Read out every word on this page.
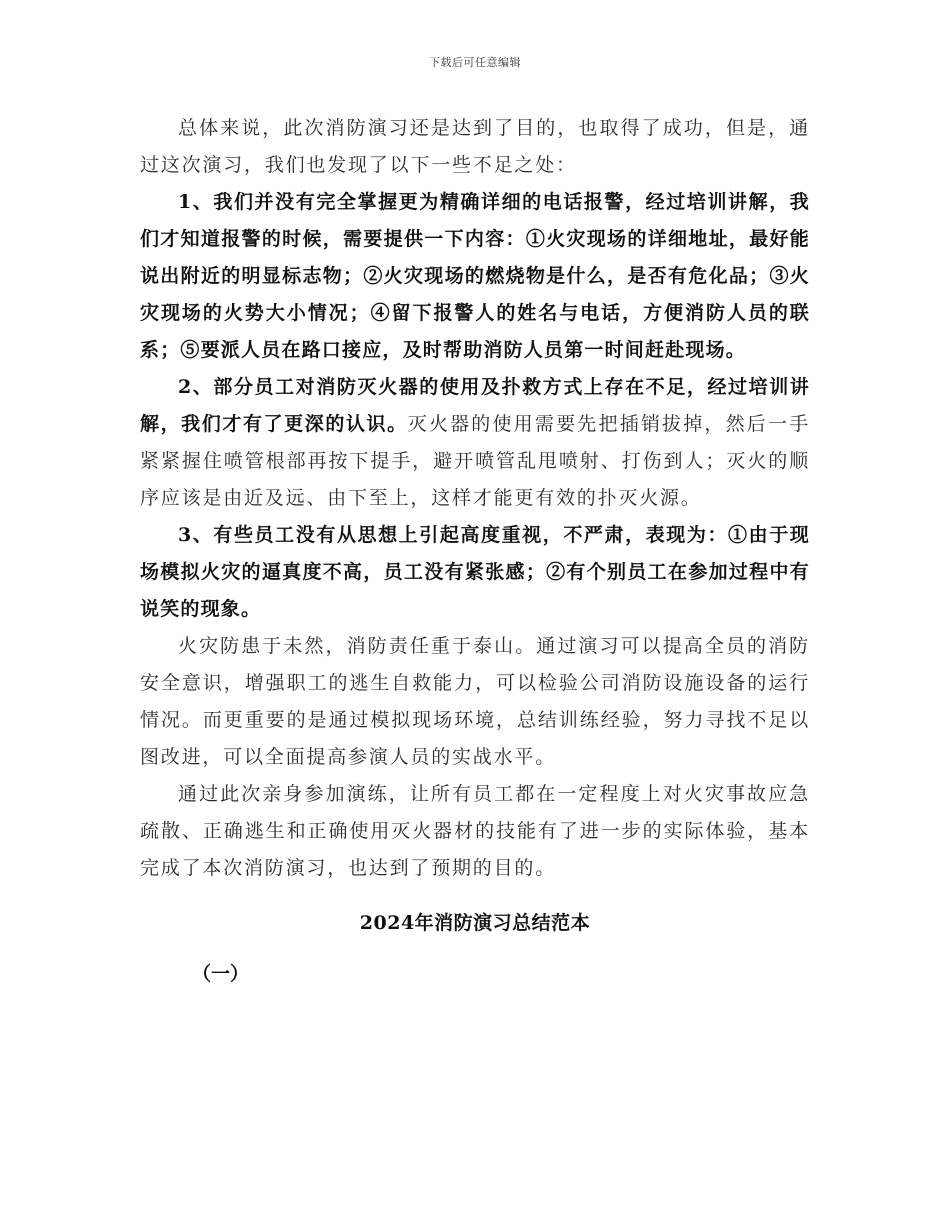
下载后可任意编辑

总体来说，此次消防演习还是达到了目的，也取得了成功，但是，通过这次演习，我们也发现了以下一些不足之处：

1、我们并没有完全掌握更为精确详细的电话报警，经过培训讲解，我们才知道报警的时候，需要提供一下内容：①火灾现场的详细地址，最好能说出附近的明显标志物；②火灾现场的燃烧物是什么，是否有危化品；③火灾现场的火势大小情况；④留下报警人的姓名与电话，方便消防人员的联系；⑤要派人员在路口接应，及时帮助消防人员第一时间赶赴现场。

2、部分员工对消防灭火器的使用及扑救方式上存在不足，经过培训讲解，我们才有了更深的认识。灭火器的使用需要先把插销拔掉，然后一手紧紧握住喷管根部再按下提手，避开喷管乱甩喷射、打伤到人；灭火的顺序应该是由近及远、由下至上，这样才能更有效的扑灭火源。

3、有些员工没有从思想上引起高度重视，不严肃，表现为：①由于现场模拟火灾的逼真度不高，员工没有紧张感；②有个别员工在参加过程中有说笑的现象。

火灾防患于未然，消防责任重于泰山。通过演习可以提高全员的消防安全意识，增强职工的逃生自救能力，可以检验公司消防设施设备的运行情况。而更重要的是通过模拟现场环境，总结训练经验，努力寻找不足以图改进，可以全面提高参演人员的实战水平。

通过此次亲身参加演练，让所有员工都在一定程度上对火灾事故应急疏散、正确逃生和正确使用灭火器材的技能有了进一步的实际体验，基本完成了本次消防演习，也达到了预期的目的。

2024年消防演习总结范本
（一）
